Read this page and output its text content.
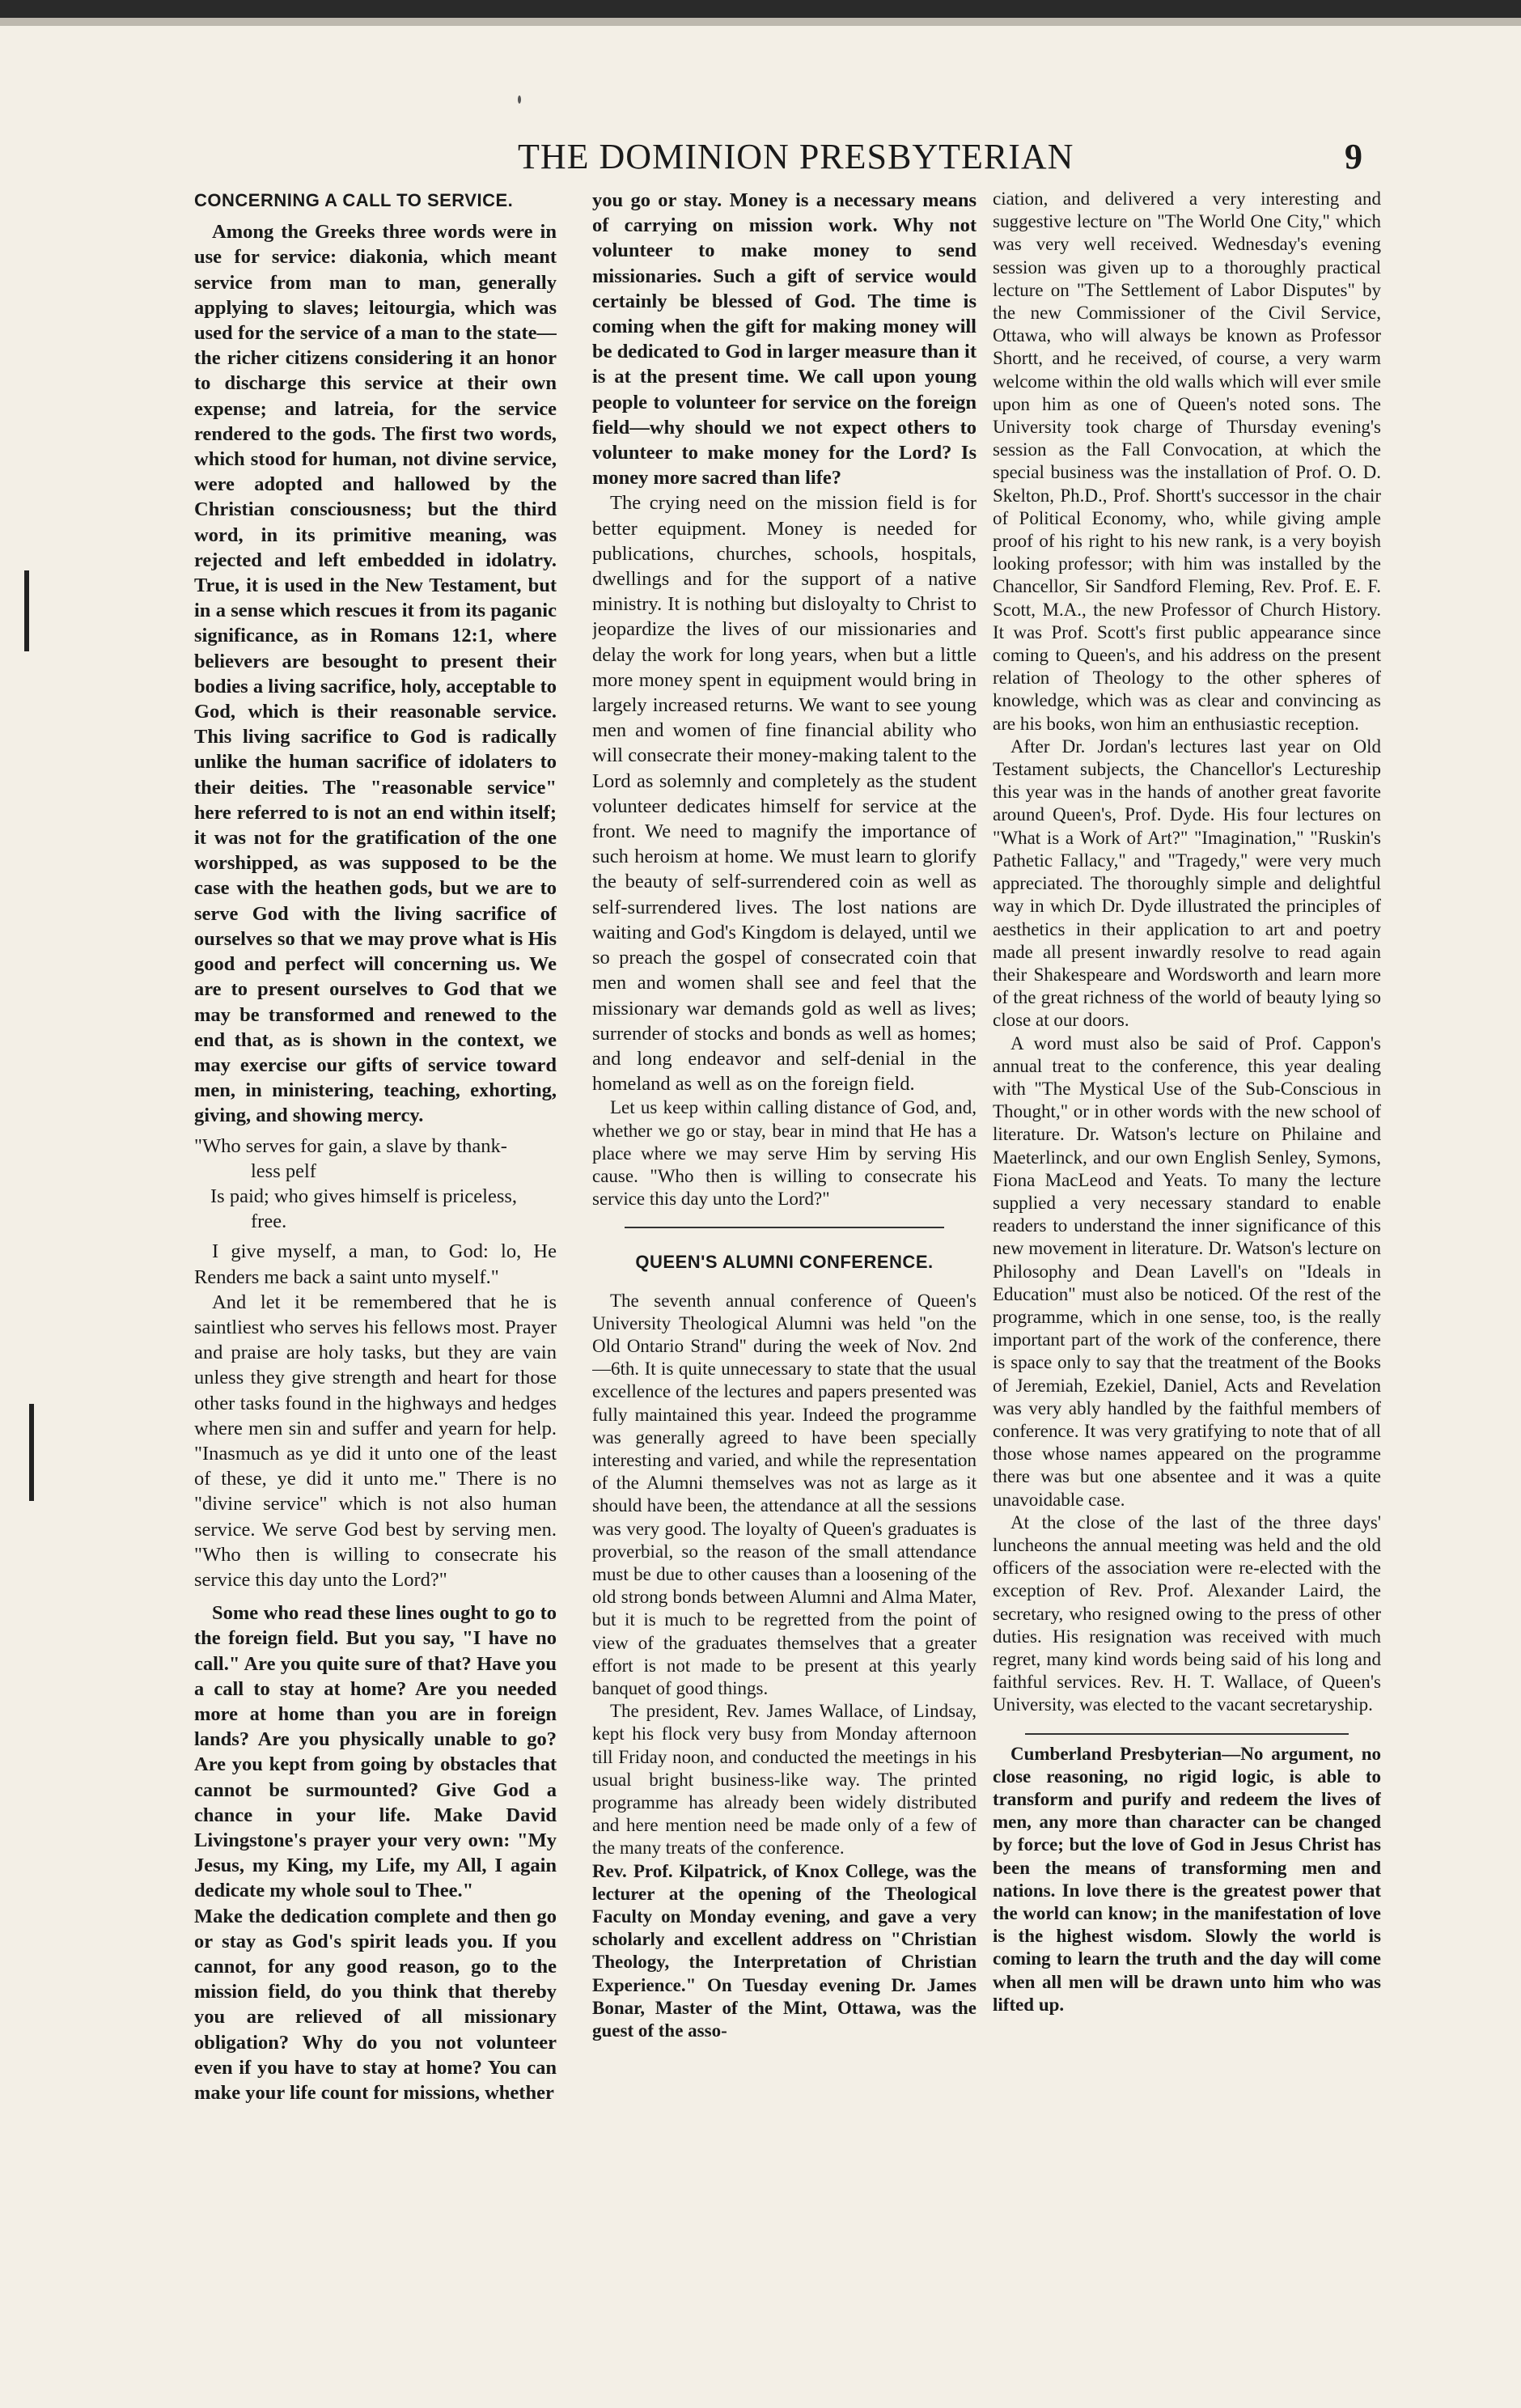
THE DOMINION PRESBYTERIAN	9
CONCERNING A CALL TO SERVICE.

Among the Greeks three words were in use for service: diakonia, which meant service from man to man, generally applying to slaves; leitourgia, which was used for the service of a man to the state—the richer citizens considering it an honor to discharge this service at their own expense; and latreia, for the service rendered to the gods. The first two words, which stood for human, not divine service, were adopted and hallowed by the Christian consciousness; but the third word, in its primitive meaning, was rejected and left embedded in idolatry. True, it is used in the New Testament, but in a sense which rescues it from its paganic significance, as in Romans 12:1, where believers are besought to present their bodies a living sacrifice, holy, acceptable to God, which is their reasonable service. This living sacrifice to God is radically unlike the human sacrifice of idolaters to their deities. The "reasonable service" here referred to is not an end within itself; it was not for the gratification of the one worshipped, as was supposed to be the case with the heathen gods, but we are to serve God with the living sacrifice of ourselves so that we may prove what is His good and perfect will concerning us. We are to present ourselves to God that we may be transformed and renewed to the end that, as is shown in the context, we may exercise our gifts of service toward men, in ministering, teaching, exhorting, giving, and showing mercy.

"Who serves for gain, a slave by thank-
less pelf
Is paid; who gives himself is priceless,
free.

I give myself, a man, to God: lo, He Renders me back a saint unto myself."

And let it be remembered that he is saintliest who serves his fellows most. Prayer and praise are holy tasks, but they are vain unless they give strength and heart for those other tasks found in the highways and hedges where men sin and suffer and yearn for help. "Inasmuch as ye did it unto one of the least of these, ye did it unto me." There is no "divine service" which is not also human service. We serve God best by serving men. "Who then is willing to consecrate his service this day unto the Lord?"

Some who read these lines ought to go to the foreign field. But you say, "I have no call." Are you quite sure of that? Have you a call to stay at home? Are you needed more at home than you are in foreign lands? Are you physically unable to go? Are you kept from going by obstacles that cannot be surmounted? Give God a chance in your life. Make David Livingstone's prayer your very own: "My Jesus, my King, my Life, my All, I again dedicate my whole soul to Thee."

Make the dedication complete and then go or stay as God's spirit leads you. If you cannot, for any good reason, go to the mission field, do you think that thereby you are relieved of all missionary obligation? Why do you not volunteer even if you have to stay at home? You can make your life count for missions, whether

you go or stay. Money is a necessary means of carrying on mission work. Why not volunteer to make money to send missionaries. Such a gift of service would certainly be blessed of God. The time is coming when the gift for making money will be dedicated to God in larger measure than it is at the present time. We call upon young people to volunteer for service on the foreign field—why should we not expect others to volunteer to make money for the Lord? Is money more sacred than life?

The crying need on the mission field is for better equipment. Money is needed for publications, churches, schools, hospitals, dwellings and for the support of a native ministry. It is nothing but disloyalty to Christ to jeopardize the lives of our missionaries and delay the work for long years, when but a little more money spent in equipment would bring in largely increased returns. We want to see young men and women of fine financial ability who will consecrate their money-making talent to the Lord as solemnly and completely as the student volunteer dedicates himself for service at the front. We need to magnify the importance of such heroism at home. We must learn to glorify the beauty of self-surrendered coin as well as self-surrendered lives. The lost nations are waiting and God's Kingdom is delayed, until we so preach the gospel of consecrated coin that men and women shall see and feel that the missionary war demands gold as well as lives; surrender of stocks and bonds as well as homes; and long endeavor and self-denial in the homeland as well as on the foreign field.

Let us keep within calling distance of God, and, whether we go or stay, bear in mind that He has a place where we may serve Him by serving His cause. "Who then is willing to consecrate his service this day unto the Lord?"

QUEEN'S ALUMNI CONFERENCE.

The seventh annual conference of Queen's University Theological Alumni was held "on the Old Ontario Strand" during the week of Nov. 2nd—6th. It is quite unnecessary to state that the usual excellence of the lectures and papers presented was fully maintained this year. Indeed the programme was generally agreed to have been specially interesting and varied, and while the representation of the Alumni themselves was not as large as it should have been, the attendance at all the sessions was very good. The loyalty of Queen's graduates is proverbial, so the reason of the small attendance must be due to other causes than a loosening of the old strong bonds between Alumni and Alma Mater, but it is much to be regretted from the point of view of the graduates themselves that a greater effort is not made to be present at this yearly banquet of good things.

The president, Rev. James Wallace, of Lindsay, kept his flock very busy from Monday afternoon till Friday noon, and conducted the meetings in his usual bright business-like way. The printed programme has already been widely distributed and here mention need be made only of a few of the many treats of the conference.

Rev. Prof. Kilpatrick, of Knox College, was the lecturer at the opening of the Theological Faculty on Monday evening, and gave a very scholarly and excellent address on "Christian Theology, the Interpretation of Christian Experience." On Tuesday evening Dr. James Bonar, Master of the Mint, Ottawa, was the guest of the asso-

ciation, and delivered a very interesting and suggestive lecture on "The World One City," which was very well received. Wednesday's evening session was given up to a thoroughly practical lecture on "The Settlement of Labor Disputes" by the new Commissioner of the Civil Service, Ottawa, who will always be known as Professor Shortt, and he received, of course, a very warm welcome within the old walls which will ever smile upon him as one of Queen's noted sons. The University took charge of Thursday evening's session as the Fall Convocation, at which the special business was the installation of Prof. O. D. Skelton, Ph.D., Prof. Shortt's successor in the chair of Political Economy, who, while giving ample proof of his right to his new rank, is a very boyish looking professor; with him was installed by the Chancellor, Sir Sandford Fleming, Rev. Prof. E. F. Scott, M.A., the new Professor of Church History. It was Prof. Scott's first public appearance since coming to Queen's, and his address on the present relation of Theology to the other spheres of knowledge, which was as clear and convincing as are his books, won him an enthusiastic reception.

After Dr. Jordan's lectures last year on Old Testament subjects, the Chancellor's Lectureship this year was in the hands of another great favorite around Queen's, Prof. Dyde. His four lectures on "What is a Work of Art?" "Imagination," "Ruskin's Pathetic Fallacy," and "Tragedy," were very much appreciated. The thoroughly simple and delightful way in which Dr. Dyde illustrated the principles of aesthetics in their application to art and poetry made all present inwardly resolve to read again their Shakespeare and Wordsworth and learn more of the great richness of the world of beauty lying so close at our doors.

A word must also be said of Prof. Cappon's annual treat to the conference, this year dealing with "The Mystical Use of the Sub-Conscious in Thought," or in other words with the new school of literature. Dr. Watson's lecture on Philaine and Maeterlinck, and our own English Senley, Symons, Fiona MacLeod and Yeats. To many the lecture supplied a very necessary standard to enable readers to understand the inner significance of this new movement in literature. Dr. Watson's lecture on Philosophy and Dean Lavell's on "Ideals in Education" must also be noticed. Of the rest of the programme, which in one sense, too, is the really important part of the work of the conference, there is space only to say that the treatment of the Books of Jeremiah, Ezekiel, Daniel, Acts and Revelation was very ably handled by the faithful members of conference. It was very gratifying to note that of all those whose names appeared on the programme there was but one absentee and it was a quite unavoidable case.

At the close of the last of the three days' luncheons the annual meeting was held and the old officers of the association were re-elected with the exception of Rev. Prof. Alexander Laird, the secretary, who resigned owing to the press of other duties. His resignation was received with much regret, many kind words being said of his long and faithful services. Rev. H. T. Wallace, of Queen's University, was elected to the vacant secretaryship.

Cumberland Presbyterian—No argument, no close reasoning, no rigid logic, is able to transform and purify and redeem the lives of men, any more than character can be changed by force; but the love of God in Jesus Christ has been the means of transforming men and nations. In love there is the greatest power that the world can know; in the manifestation of love is the highest wisdom. Slowly the world is coming to learn the truth and the day will come when all men will be drawn unto him who was lifted up.
